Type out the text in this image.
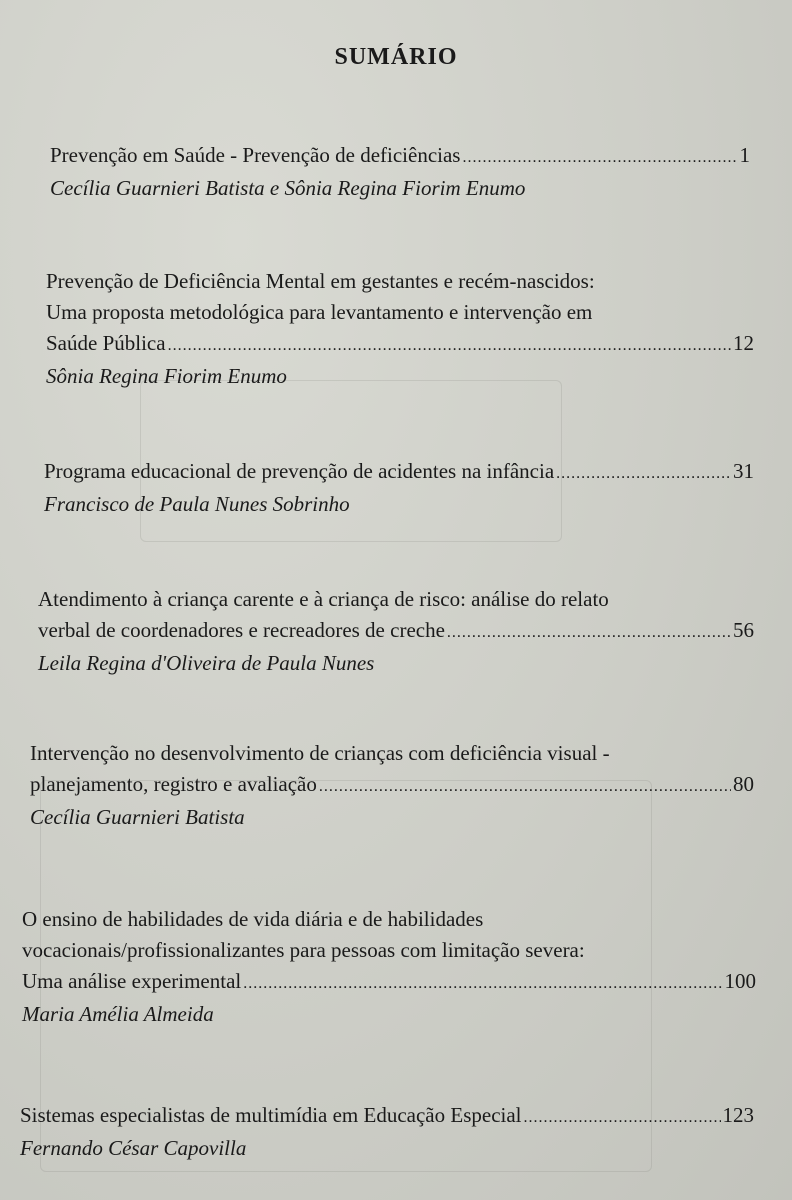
SUMÁRIO
Prevenção em Saúde - Prevenção de deficiências .....	1
Cecília Guarnieri Batista e Sônia Regina Fiorim Enumo
Prevenção de Deficiência Mental em gestantes e recém-nascidos:
Uma proposta metodológica para levantamento e intervenção em
Saúde Pública .....	12
Sônia Regina Fiorim Enumo
Programa educacional de prevenção de acidentes na infância .....	31
Francisco de Paula Nunes Sobrinho
Atendimento à criança carente e à criança de risco: análise do relato
verbal de coordenadores e recreadores de creche .....	56
Leila Regina d'Oliveira de Paula Nunes
Intervenção no desenvolvimento de crianças com deficiência visual -
planejamento, registro e avaliação .....	80
Cecília Guarnieri Batista
O ensino de habilidades de vida diária e de habilidades
vocacionais/profissionalizantes para pessoas com limitação severa:
Uma análise experimental .....	100
Maria Amélia Almeida
Sistemas especialistas de multimídia em Educação Especial .....	123
Fernando César Capovilla
